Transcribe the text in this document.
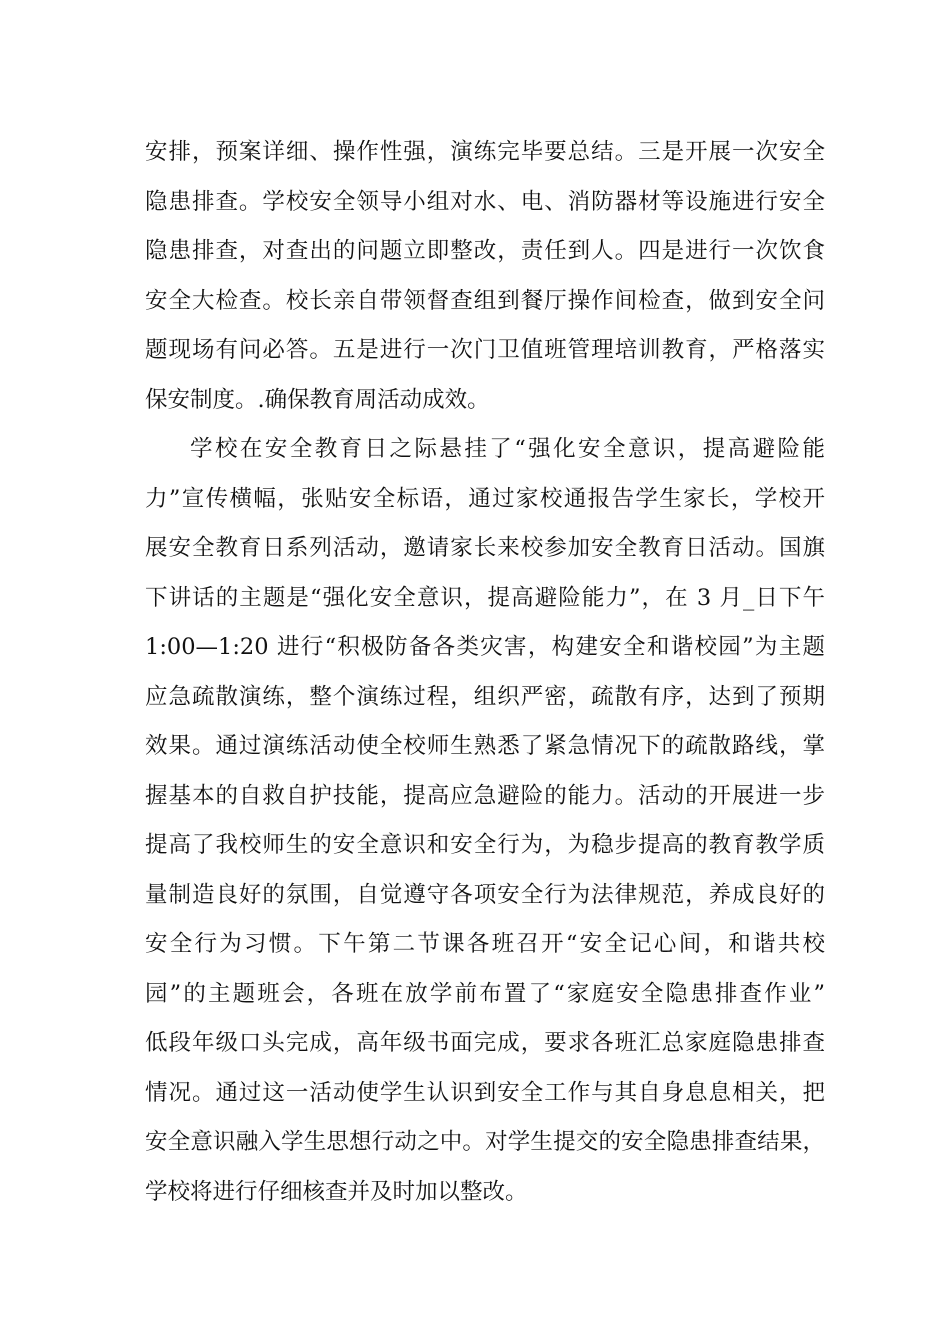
安排，预案详细、操作性强，演练完毕要总结。三是开展一次安全
隐患排查。学校安全领导小组对水、电、消防器材等设施进行安全
隐患排查，对查出的问题立即整改，责任到人。四是进行一次饮食
安全大检查。校长亲自带领督查组到餐厅操作间检查，做到安全问
题现场有问必答。五是进行一次门卫值班管理培训教育，严格落实
保安制度。.确保教育周活动成效。
学校在安全教育日之际悬挂了“强化安全意识，提高避险能
力”宣传横幅，张贴安全标语，通过家校通报告学生家长，学校开
展安全教育日系列活动，邀请家长来校参加安全教育日活动。国旗
下讲话的主题是“强化安全意识，提高避险能力”，在 3 月_日下午
1:00—1:20 进行“积极防备各类灾害，构建安全和谐校园”为主题
应急疏散演练，整个演练过程，组织严密，疏散有序，达到了预期
效果。通过演练活动使全校师生熟悉了紧急情况下的疏散路线，掌
握基本的自救自护技能，提高应急避险的能力。活动的开展进一步
提高了我校师生的安全意识和安全行为，为稳步提高的教育教学质
量制造良好的氛围，自觉遵守各项安全行为法律规范，养成良好的
安全行为习惯。下午第二节课各班召开“安全记心间，和谐共校
园”的主题班会，各班在放学前布置了“家庭安全隐患排查作业”
低段年级口头完成，高年级书面完成，要求各班汇总家庭隐患排查
情况。通过这一活动使学生认识到安全工作与其自身息息相关，把
安全意识融入学生思想行动之中。对学生提交的安全隐患排查结果，
学校将进行仔细核查并及时加以整改。
